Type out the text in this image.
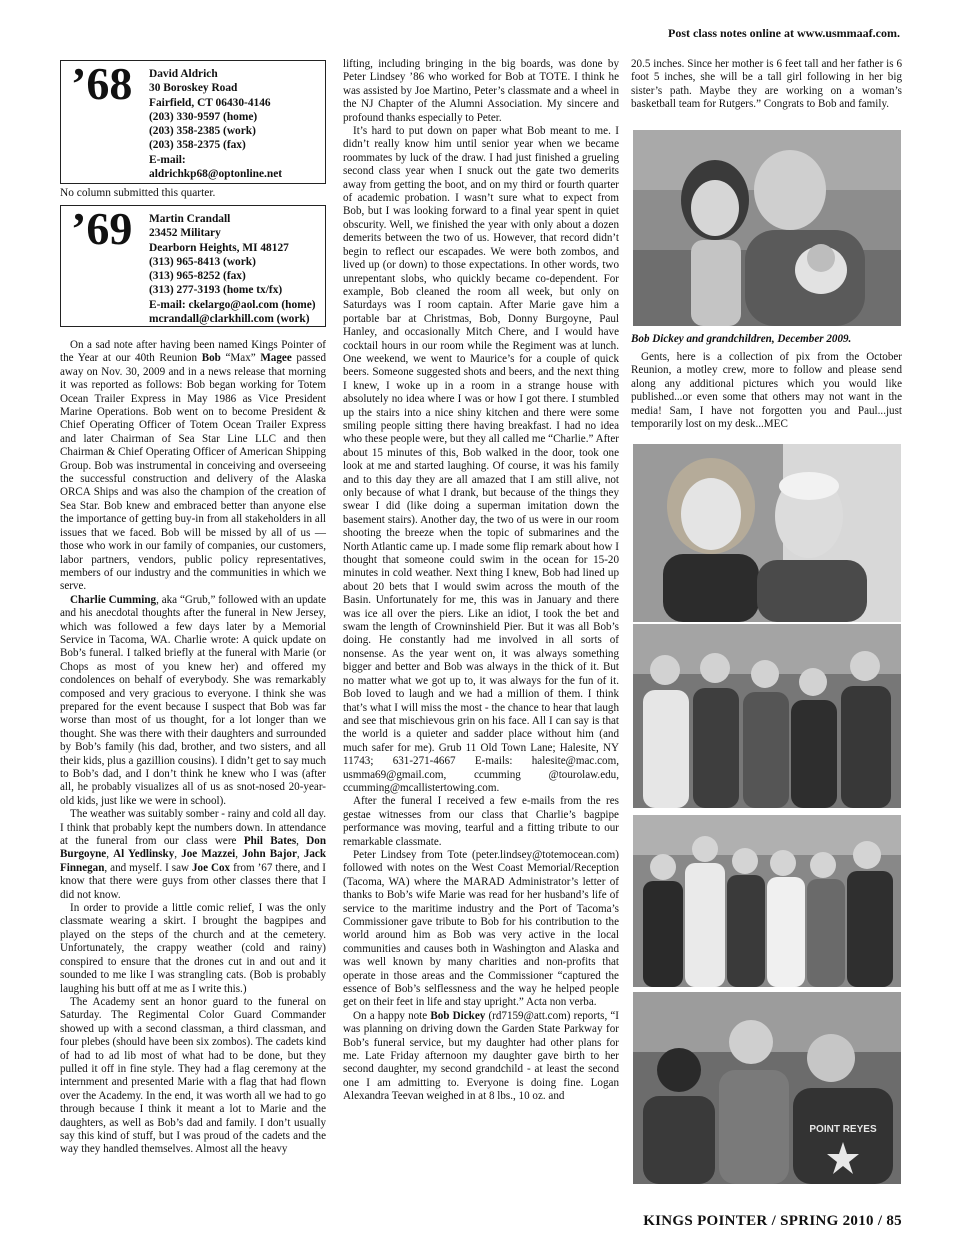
Post class notes online at www.usmmaaf.com.
’68 David Aldrich
30 Boroskey Road
Fairfield, CT 06430-4146
(203) 330-9597 (home)
(203) 358-2385 (work)
(203) 358-2375 (fax)
E-mail:
aldrichkp68@optonline.net
No column submitted this quarter.
’69 Martin Crandall
23452 Military
Dearborn Heights, MI 48127
(313) 965-8413 (work)
(313) 965-8252 (fax)
(313) 277-3193 (home tx/fx)
E-mail: ckelargo@aol.com (home)
mcrandall@clarkhill.com (work)

On a sad note after having been named Kings Pointer of the Year at our 40th Reunion Bob “Max” Magee passed away on Nov. 30, 2009 and in a news release that morning it was reported as follows: Bob began working for Totem Ocean Trailer Express in May 1986 as Vice President Marine Operations. Bob went on to become President & Chief Operating Officer of Totem Ocean Trailer Express and later Chairman of Sea Star Line LLC and then Chairman & Chief Operating Officer of American Shipping Group. Bob was instrumental in conceiving and overseeing the successful construction and delivery of the Alaska ORCA Ships and was also the champion of the creation of Sea Star. Bob knew and embraced better than anyone else the importance of getting buy-in from all stakeholders in all issues that we faced. Bob will be missed by all of us — those who work in our family of companies, our customers, labor partners, vendors, public policy representatives, members of our industry and the communities in which we serve.

Charlie Cumming, aka “Grub,” followed with an update and his anecdotal thoughts after the funeral in New Jersey, which was followed a few days later by a Memorial Service in Tacoma, WA. Charlie wrote: A quick update on Bob’s funeral. I talked briefly at the funeral with Marie (or Chops as most of you knew her) and offered my condolences on behalf of everybody. She was remarkably composed and very gracious to everyone. I think she was prepared for the event because I suspect that Bob was far worse than most of us thought, for a lot longer than we thought. She was there with their daughters and surrounded by Bob’s family (his dad, brother, and two sisters, and all their kids, plus a gazillion cousins). I didn’t get to say much to Bob’s dad, and I don’t think he knew who I was (after all, he probably visualizes all of us as snot-nosed 20-year-old kids, just like we were in school).

The weather was suitably somber - rainy and cold all day. I think that probably kept the numbers down. In attendance at the funeral from our class were Phil Bates, Don Burgoyne, Al Yedlinsky, Joe Mazzei, John Bajor, Jack Finnegan, and myself. I saw Joe Cox from ’67 there, and I know that there were guys from other classes there that I did not know.

In order to provide a little comic relief, I was the only classmate wearing a skirt. I brought the bagpipes and played on the steps of the church and at the cemetery. Unfortunately, the crappy weather (cold and rainy) conspired to ensure that the drones cut in and out and it sounded to me like I was strangling cats. (Bob is probably laughing his butt off at me as I write this.)

The Academy sent an honor guard to the funeral on Saturday. The Regimental Color Guard Commander showed up with a second classman, a third classman, and four plebes (should have been six zombos). The cadets kind of had to ad lib most of what had to be done, but they pulled it off in fine style. They had a flag ceremony at the internment and presented Marie with a flag that had flown over the Academy. In the end, it was worth all we had to go through because I think it meant a lot to Marie and the daughters, as well as Bob’s dad and family. I don’t usually say this kind of stuff, but I was proud of the cadets and the way they handled themselves. Almost all the heavy

lifting, including bringing in the big boards, was done by Peter Lindsey ’86 who worked for Bob at TOTE. I think he was assisted by Joe Martino, Peter’s classmate and a wheel in the NJ Chapter of the Alumni Association. My sincere and profound thanks especially to Peter.

It’s hard to put down on paper what Bob meant to me. I didn’t really know him until senior year when we became roommates by luck of the draw. I had just finished a grueling second class year when I snuck out the gate two demerits away from getting the boot, and on my third or fourth quarter of academic probation. I wasn’t sure what to expect from Bob, but I was looking forward to a final year spent in quiet obscurity. Well, we finished the year with only about a dozen demerits between the two of us. However, that record didn’t begin to reflect our escapades. We were both zombos, and lived up (or down) to those expectations. In other words, two unrepentant slobs, who quickly became co-dependent. For example, Bob cleaned the room all week, but only on Saturdays was I room captain. After Marie gave him a portable bar at Christmas, Bob, Donny Burgoyne, Paul Hanley, and occasionally Mitch Chere, and I would have cocktail hours in our room while the Regiment was at lunch. One weekend, we went to Maurice’s for a couple of quick beers. Someone suggested shots and beers, and the next thing I knew, I woke up in a room in a strange house with absolutely no idea where I was or how I got there. I stumbled up the stairs into a nice shiny kitchen and there were some smiling people sitting there having breakfast. I had no idea who these people were, but they all called me “Charlie.” After about 15 minutes of this, Bob walked in the door, took one look at me and started laughing. Of course, it was his family and to this day they are all amazed that I am still alive, not only because of what I drank, but because of the things they swear I did (like doing a superman imitation down the basement stairs). Another day, the two of us were in our room shooting the breeze when the topic of submarines and the North Atlantic came up. I made some flip remark about how I thought that someone could swim in the ocean for 15-20 minutes in cold weather. Next thing I knew, Bob had lined up about 20 bets that I would swim across the mouth of the Basin. Unfortunately for me, this was in January and there was ice all over the piers. Like an idiot, I took the bet and swam the length of Crowninshield Pier. But it was all Bob’s doing. He constantly had me involved in all sorts of nonsense. As the year went on, it was always something bigger and better and Bob was always in the thick of it. But no matter what we got up to, it was always for the fun of it. Bob loved to laugh and we had a million of them. I think that’s what I will miss the most - the chance to hear that laugh and see that mischievous grin on his face. All I can say is that the world is a quieter and sadder place without him (and much safer for me). Grub 11 Old Town Lane; Halesite, NY 11743; 631-271-4667 E-mails: halesite@mac.com, usmma69@gmail.com, ccumming @tourolaw.edu, ccumming@mcallistertowing.com.

After the funeral I received a few e-mails from the res gestae witnesses from our class that Charlie’s bagpipe performance was moving, tearful and a fitting tribute to our remarkable classmate.

Peter Lindsey from Tote (peter.lindsey@totemocean.com) followed with notes on the West Coast Memorial/Reception (Tacoma, WA) where the MARAD Administrator’s letter of thanks to Bob’s wife Marie was read for her husband’s life of service to the maritime industry and the Port of Tacoma’s Commissioner gave tribute to Bob for his contribution to the world around him as Bob was very active in the local communities and causes both in Washington and Alaska and was well known by many charities and non-profits that operate in those areas and the Commissioner “captured the essence of Bob’s selflessness and the way he helped people get on their feet in life and stay upright.” Acta non verba.

On a happy note Bob Dickey (rd7159@att.com) reports, “I was planning on driving down the Garden State Parkway for Bob’s funeral service, but my daughter had other plans for me. Late Friday afternoon my daughter gave birth to her second daughter, my second grandchild - at least the second one I am admitting to. Everyone is doing fine. Logan Alexandra Teevan weighed in at 8 lbs., 10 oz. and

20.5 inches. Since her mother is 6 feet tall and her father is 6 foot 5 inches, she will be a tall girl following in her big sister’s path. Maybe they are working on a woman’s basketball team for Rutgers.” Congrats to Bob and family.

Bob Dickey and grandchildren, December 2009.

Gents, here is a collection of pix from the October Reunion, a motley crew, more to follow and please send along any additional pictures which you would like published...or even some that others may not want in the media! Sam, I have not forgotten you and Paul...just temporarily lost on my desk...MEC

POINT REYES
KINGS POINTER / SPRING 2010 / 85
